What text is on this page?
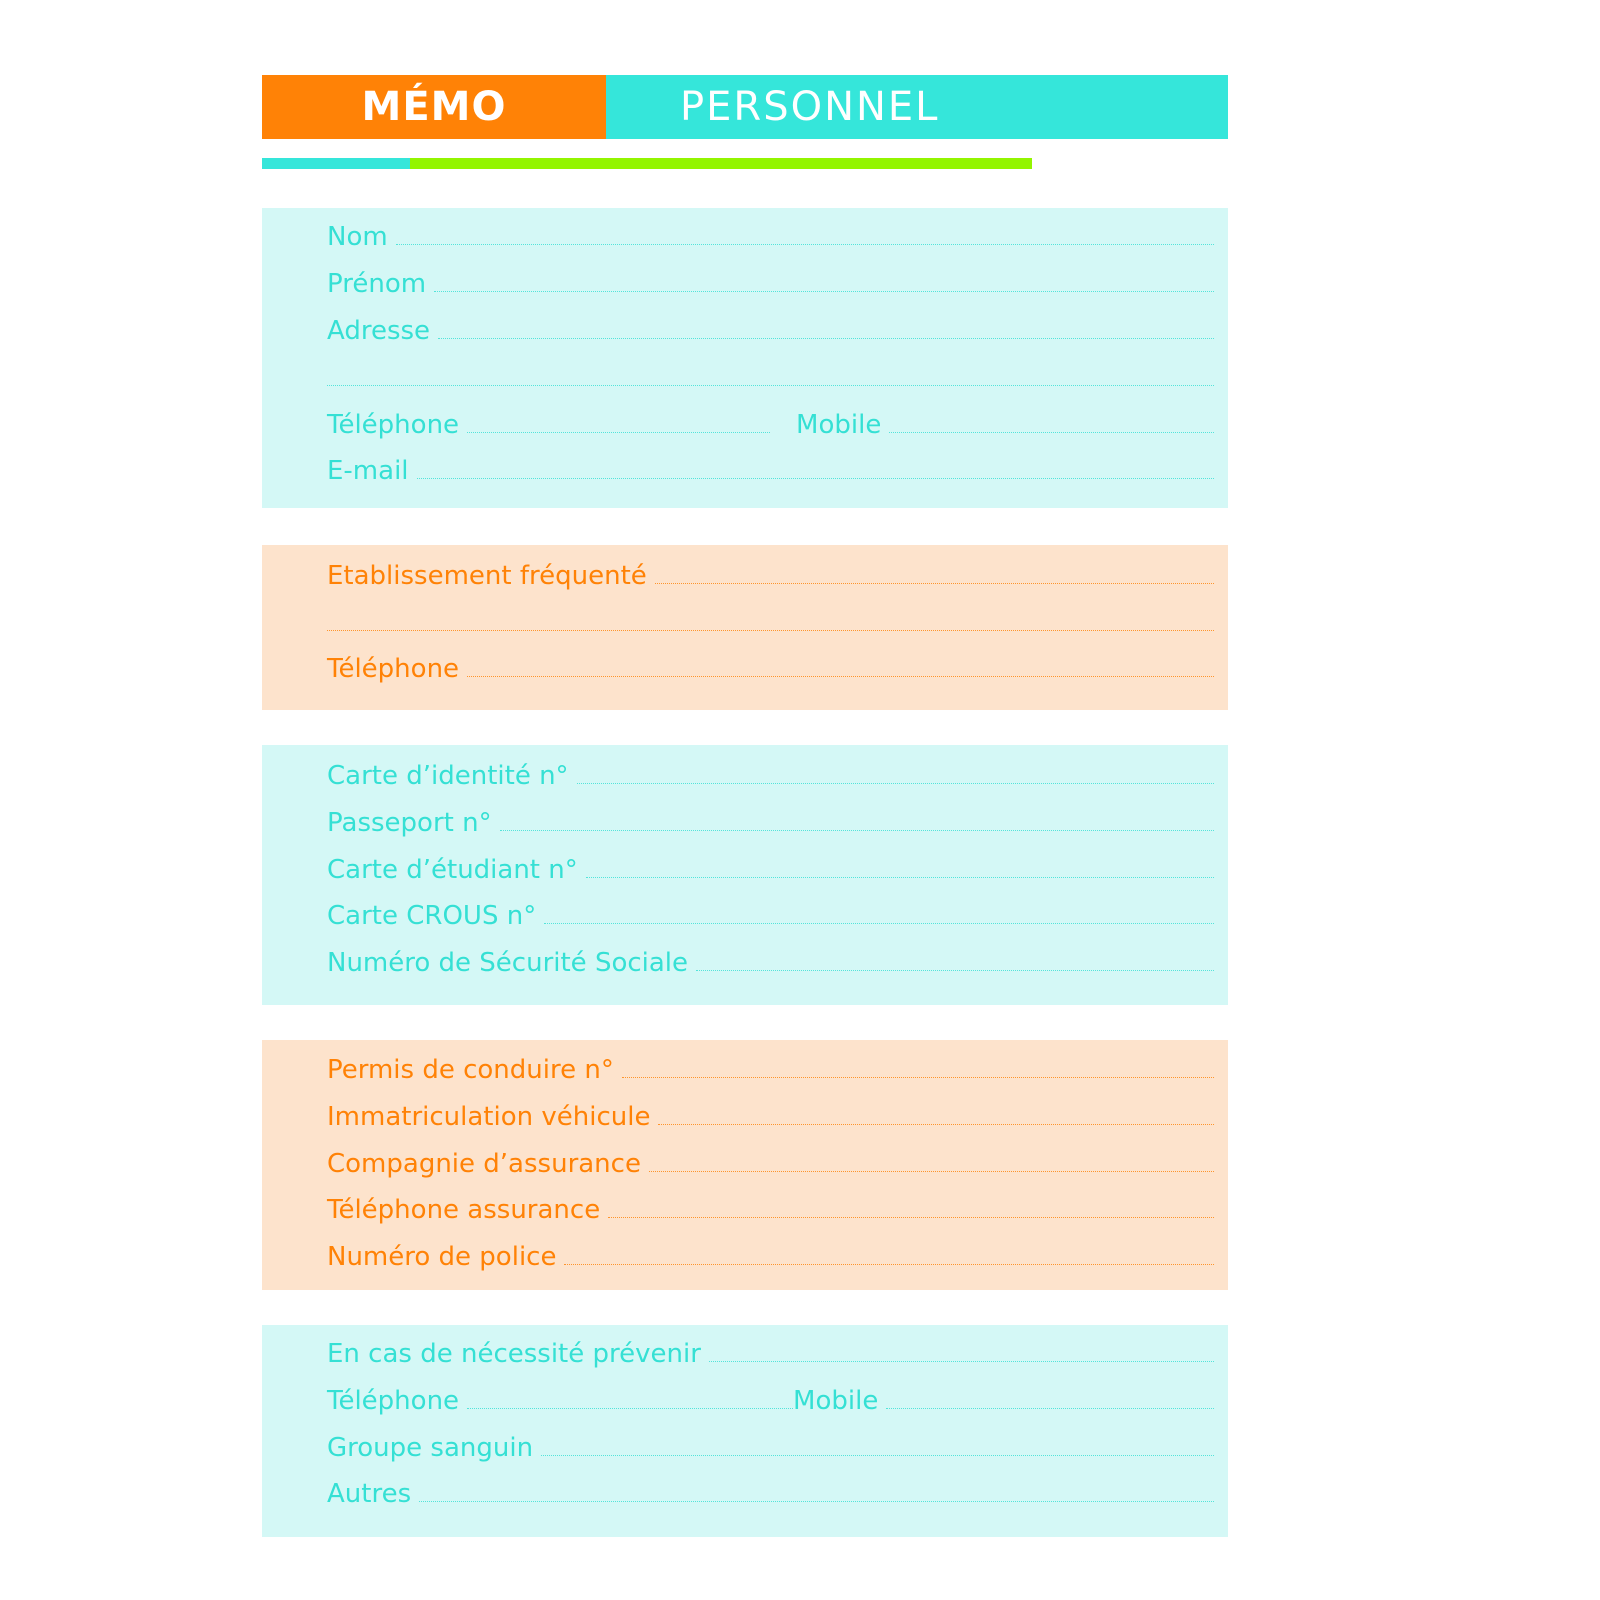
MÉMO	PERSONNEL
Nom
Prénom
Adresse
Téléphone	Mobile
E-mail
Etablissement fréquenté
Téléphone
Carte d’identité n°
Passeport n°
Carte d’étudiant n°
Carte CROUS n°
Numéro de Sécurité Sociale
Permis de conduire n°
Immatriculation véhicule
Compagnie d’assurance
Téléphone assurance
Numéro de police
En cas de nécessité prévenir
Téléphone	Mobile
Groupe sanguin
Autres
